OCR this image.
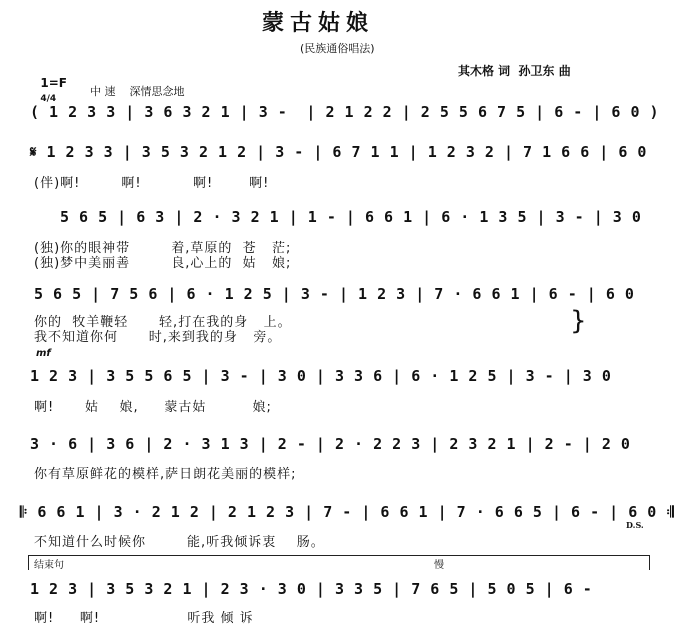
蒙古姑娘
(民族通俗唱法)

1=F
4/4

其木格 词  孙卫东 曲
中 速    深情思念地
( 1 2 3 3 | 3 6 3 2 1 | 3 -  | 2 1 2 2 | 2 5 5 6 7 5 | 6 - | 6 0 )
𝄋 1 2 3 3 | 3 5 3 2 1 2 | 3 - | 6 7 1 1 | 1 2 3 2 | 7 1 6 6 | 6 0
(伴)啊!        啊!          啊!       啊!
5 6 5 | 6 3 | 2 · 3 2 1 | 1 - | 6 6 1 | 6 · 1 3 5 | 3 - | 3 0
(独)你的眼神带        着,草原的  苍   茫;
(独)梦中美丽善        良,心上的  姑   娘;
5 6 5 | 7 5 6 | 6 · 1 2 5 | 3 - | 1 2 3 | 7 · 6 6 1 | 6 - | 6 0
你的  牧羊鞭轻      轻,打在我的身   上。
我不知道你何      时,来到我的身   旁。
}
mf
1 2 3 | 3 5 5 6 5 | 3 - | 3 0 | 3 3 6 | 6 · 1 2 5 | 3 - | 3 0
啊!      姑    娘,     蒙古姑         娘;
3 · 6 | 3 6 | 2 · 3 1 3 | 2 - | 2 · 2 2 3 | 2 3 2 1 | 2 - | 2 0
你有草原鲜花的模样,萨日朗花美丽的模样;
𝄆 6 6 1 | 3 · 2 1 2 | 2 1 2 3 | 7 - | 6 6 1 | 7 · 6 6 5 | 6 - | 6 0 𝄇
D.S.
不知道什么时候你        能,听我倾诉衷    肠。
结束句	慢
1 2 3 | 3 5 3 2 1 | 2 3 · 3 0 | 3 3 5 | 7 6 5 | 5 0 5 | 6 -
啊!     啊!                 听我 倾 诉
